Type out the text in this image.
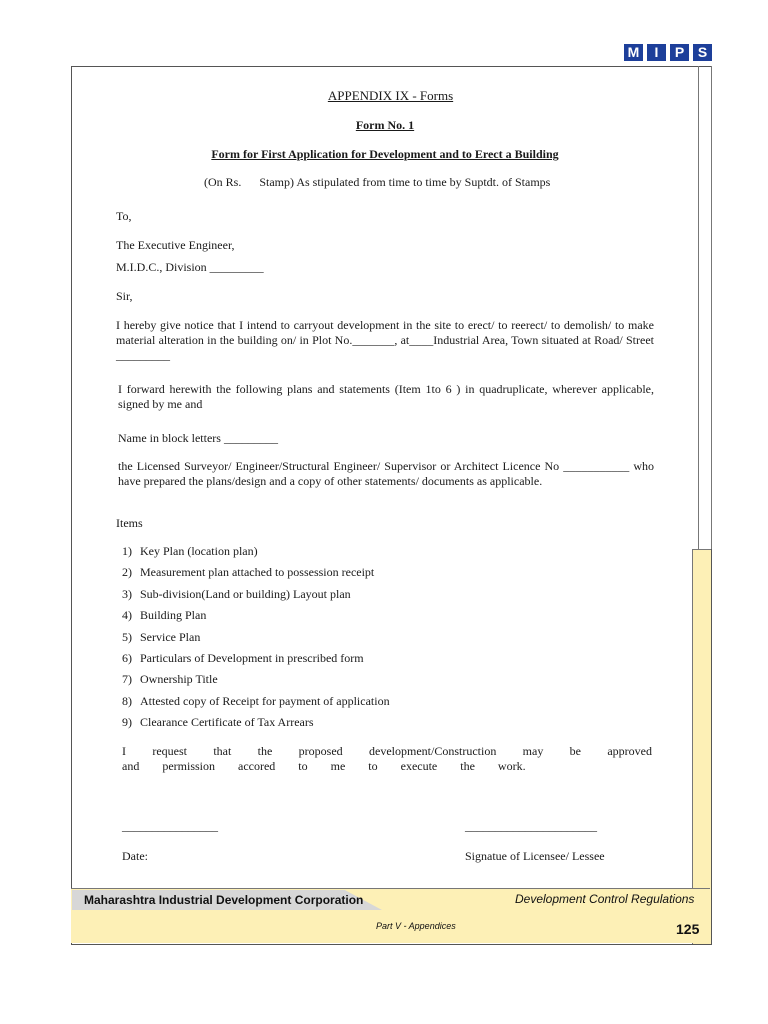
M	I	P S

APPENDIX IX - Forms

Form No. 1

Form for First Application for Development and to Erect a Building

(On Rs.      Stamp) As stipulated from time to time by Suptdt. of Stamps

To,

The Executive Engineer,

M.I.D.C., Division _________

Sir,

I hereby give notice that I intend to carryout development in the site to erect/ to reerect/ to demolish/ to make material alteration in the building on/ in Plot No._______, at____Industrial Area, Town situated at Road/ Street      _________

I forward herewith the following plans and statements (Item 1to 6 ) in quadruplicate, wherever applicable, signed by me and

Name in block letters _________

the Licensed Surveyor/ Engineer/Structural Engineer/ Supervisor or Architect Licence No ___________ who have prepared the plans/design and a copy of other statements/ documents as applicable.

Items

1) Key Plan (location plan)
2) Measurement plan attached to possession receipt
3) Sub-division(Land or building) Layout plan
4) Building Plan
5) Service Plan
6) Particulars of Development in prescribed form
7) Ownership Title
8) Attested copy of Receipt for payment of application
9) Clearance Certificate of Tax Arrears

I request that the proposed development/Construction may be approved and permission accored to me to execute the work.

________________	______________________

Date:	Signatue of Licensee/ Lessee

Maharashtra Industrial Development Corporation	Development Control Regulations
Part V - Appendices	125
